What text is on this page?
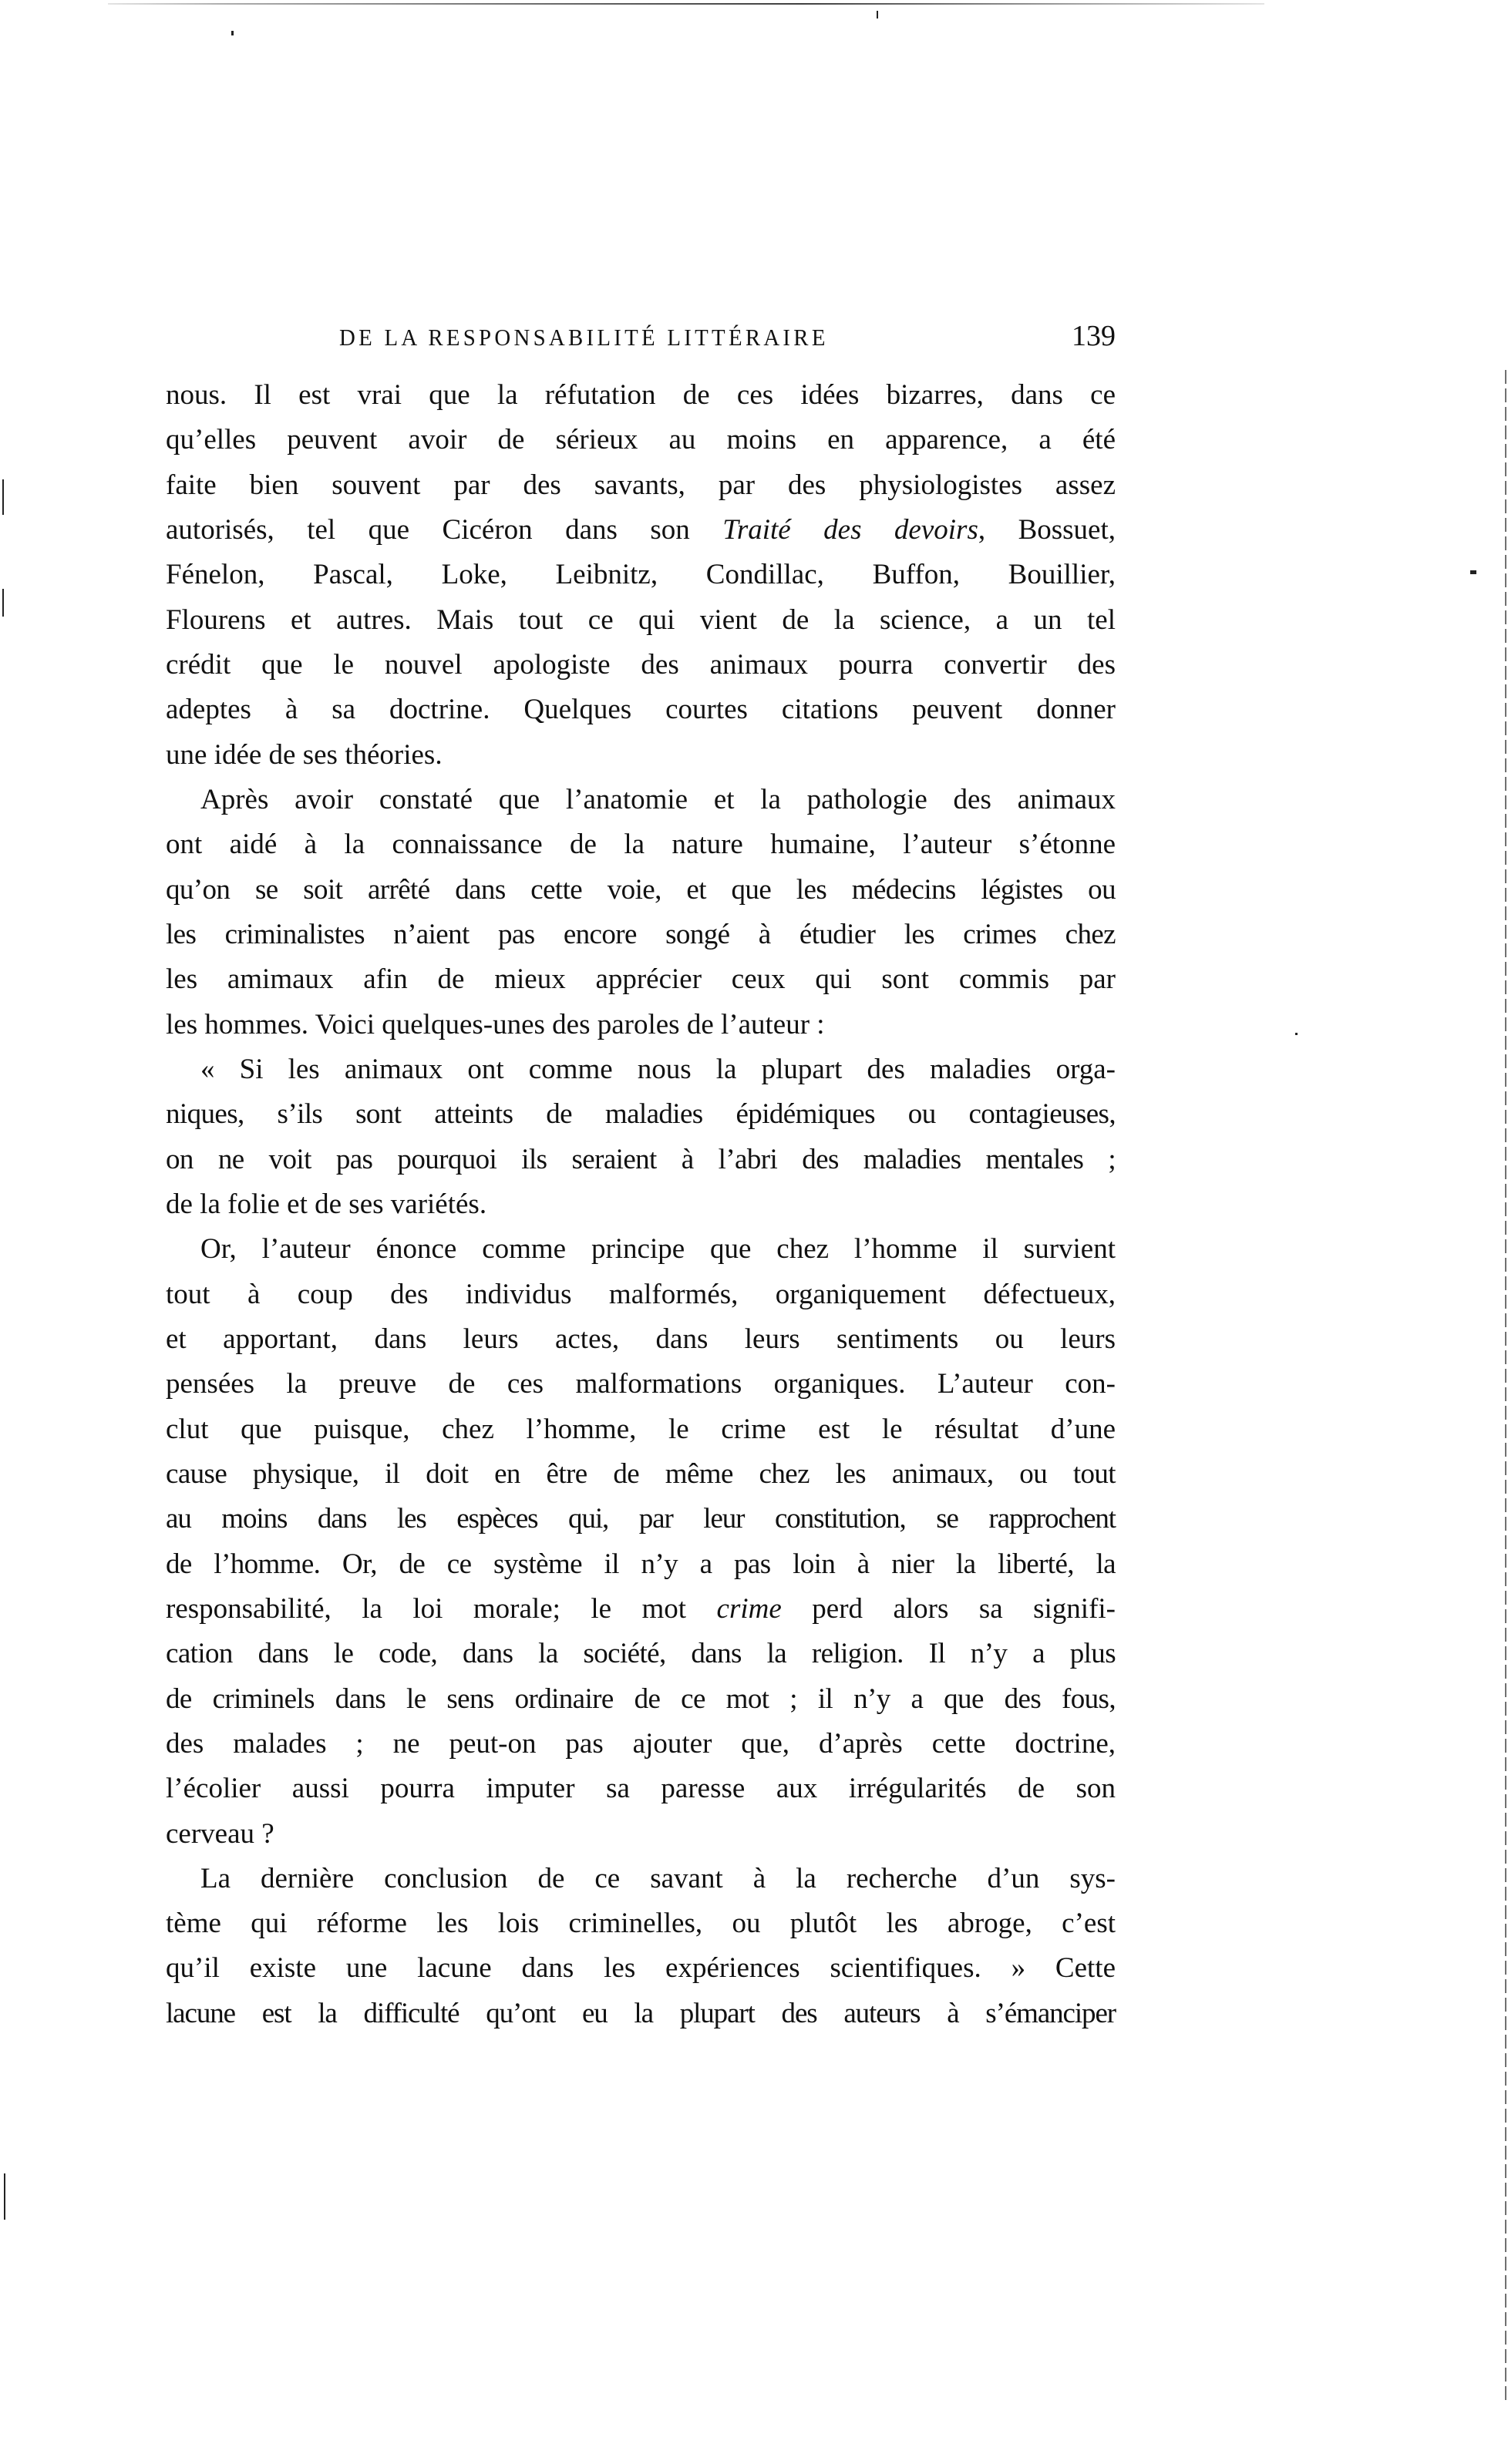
DE LA RESPONSABILITÉ LITTÉRAIRE	139
nous. Il est vrai que la réfutation de ces idées bizarres, dans ce
qu’elles peuvent avoir de sérieux au moins en apparence, a été
faite bien souvent par des savants, par des physiologistes assez
autorisés, tel que Cicéron dans son Traité des devoirs, Bossuet,
Fénelon, Pascal, Loke, Leibnitz, Condillac, Buffon, Bouillier,
Flourens et autres. Mais tout ce qui vient de la science, a un tel
crédit que le nouvel apologiste des animaux pourra convertir des
adeptes à sa doctrine. Quelques courtes citations peuvent donner
une idée de ses théories.
Après avoir constaté que l’anatomie et la pathologie des animaux
ont aidé à la connaissance de la nature humaine, l’auteur s’étonne
qu’on se soit arrêté dans cette voie, et que les médecins légistes ou
les criminalistes n’aient pas encore songé à étudier les crimes chez
les amimaux afin de mieux apprécier ceux qui sont commis par
les hommes. Voici quelques-unes des paroles de l’auteur :
« Si les animaux ont comme nous la plupart des maladies orga-
niques, s’ils sont atteints de maladies épidémiques ou contagieuses,
on ne voit pas pourquoi ils seraient à l’abri des maladies mentales ;
de la folie et de ses variétés.
Or, l’auteur énonce comme principe que chez l’homme il survient
tout à coup des individus malformés, organiquement défectueux,
et apportant, dans leurs actes, dans leurs sentiments ou leurs
pensées la preuve de ces malformations organiques. L’auteur con-
clut que puisque, chez l’homme, le crime est le résultat d’une
cause physique, il doit en être de même chez les animaux, ou tout
au moins dans les espèces qui, par leur constitution, se rapprochent
de l’homme. Or, de ce système il n’y a pas loin à nier la liberté, la
responsabilité, la loi morale; le mot crime perd alors sa signifi-
cation dans le code, dans la société, dans la religion. Il n’y a plus
de criminels dans le sens ordinaire de ce mot ; il n’y a que des fous,
des malades ; ne peut-on pas ajouter que, d’après cette doctrine,
l’écolier aussi pourra imputer sa paresse aux irrégularités de son
cerveau ?
La dernière conclusion de ce savant à la recherche d’un sys-
tème qui réforme les lois criminelles, ou plutôt les abroge, c’est
qu’il existe une lacune dans les expériences scientifiques. » Cette
lacune est la difficulté qu’ont eu la plupart des auteurs à s’émanciper
